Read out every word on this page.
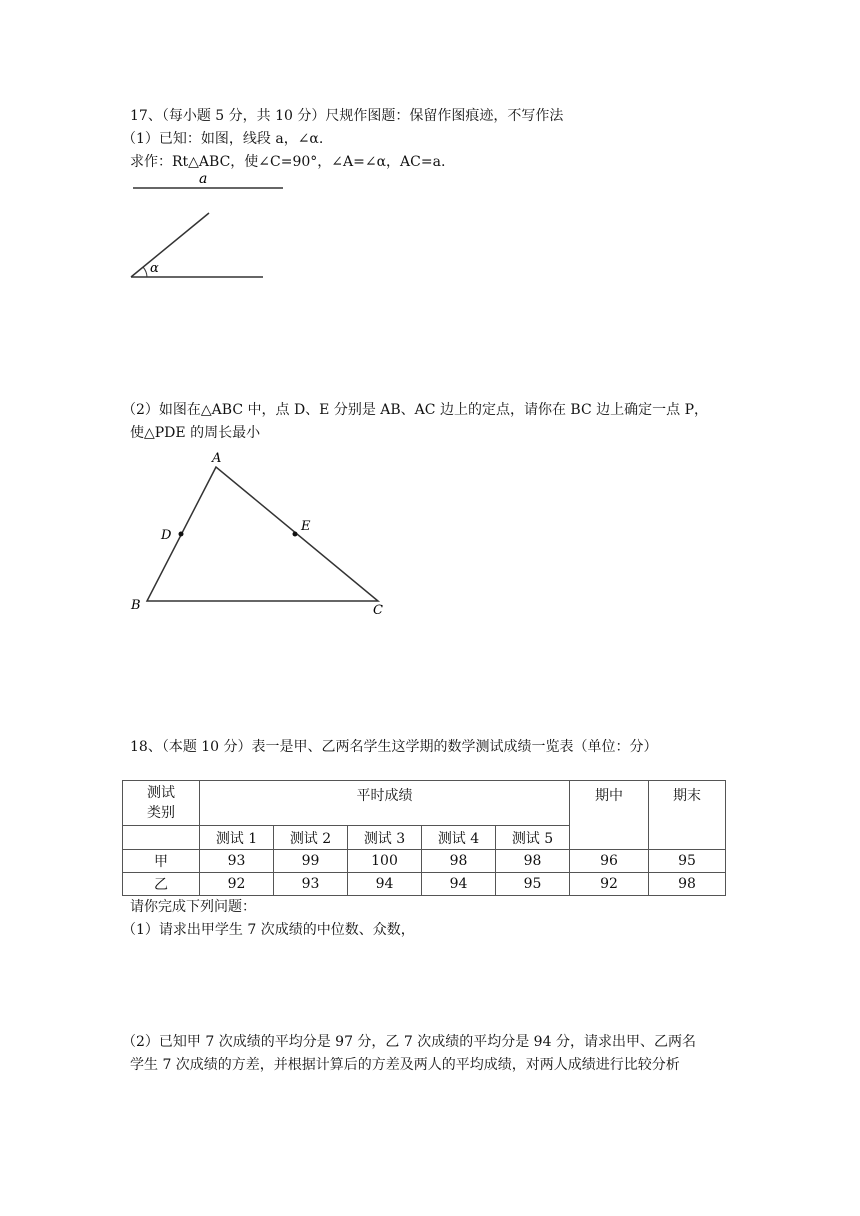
17、（每小题 5 分，共 10 分）尺规作图题：保留作图痕迹，不写作法
（1）已知：如图，线段 a，∠α.
求作：Rt△ABC，使∠C=90°，∠A=∠α，AC=a.
a
α
（2）如图在△ABC 中，点 D、E 分别是 AB、AC 边上的定点，请你在 BC 边上确定一点 P，
使△PDE 的周长最小
A
B	C
D
E
18、（本题 10 分）表一是甲、乙两名学生这学期的数学测试成绩一览表（单位：分）
测试
类别	平时成绩					期中	期末

	测试 1	测试 2	测试 3	测试 4	测试 5		
甲	93	99	100	98	98	96	95
乙	92	93	94	94	95	92	98
请你完成下列问题：
（1）请求出甲学生 7 次成绩的中位数、众数，
（2）已知甲 7 次成绩的平均分是 97 分，乙 7 次成绩的平均分是 94 分，请求出甲、乙两名
学生 7 次成绩的方差，并根据计算后的方差及两人的平均成绩，对两人成绩进行比较分析
